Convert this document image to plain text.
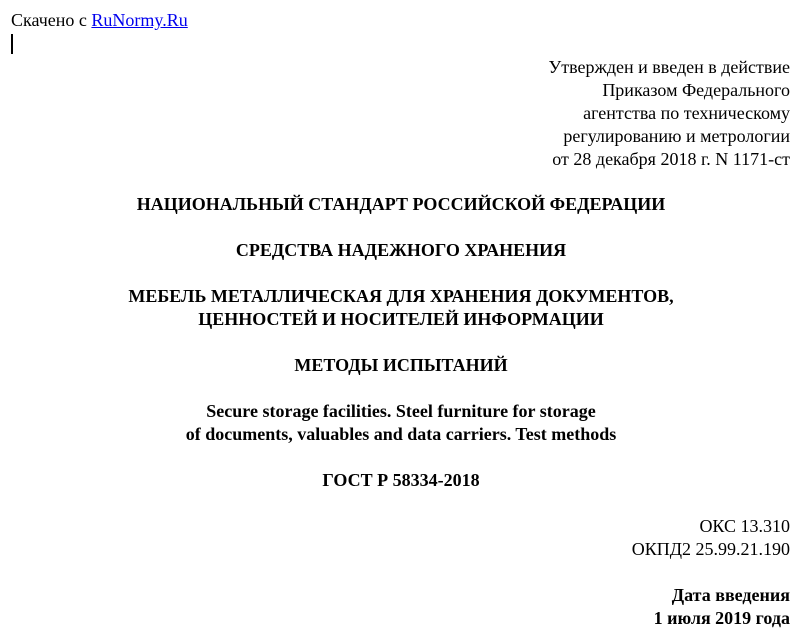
Скачено с RuNormy.Ru
Утвержден и введен в действие
Приказом Федерального
агентства по техническому
регулированию и метрологии
от 28 декабря 2018 г. N 1171-ст
НАЦИОНАЛЬНЫЙ СТАНДАРТ РОССИЙСКОЙ ФЕДЕРАЦИИ
СРЕДСТВА НАДЕЖНОГО ХРАНЕНИЯ
МЕБЕЛЬ МЕТАЛЛИЧЕСКАЯ ДЛЯ ХРАНЕНИЯ ДОКУМЕНТОВ,
ЦЕННОСТЕЙ И НОСИТЕЛЕЙ ИНФОРМАЦИИ
МЕТОДЫ ИСПЫТАНИЙ
Secure storage facilities. Steel furniture for storage
of documents, valuables and data carriers. Test methods
ГОСТ Р 58334-2018
ОКС 13.310
ОКПД2 25.99.21.190
Дата введения
1 июля 2019 года
